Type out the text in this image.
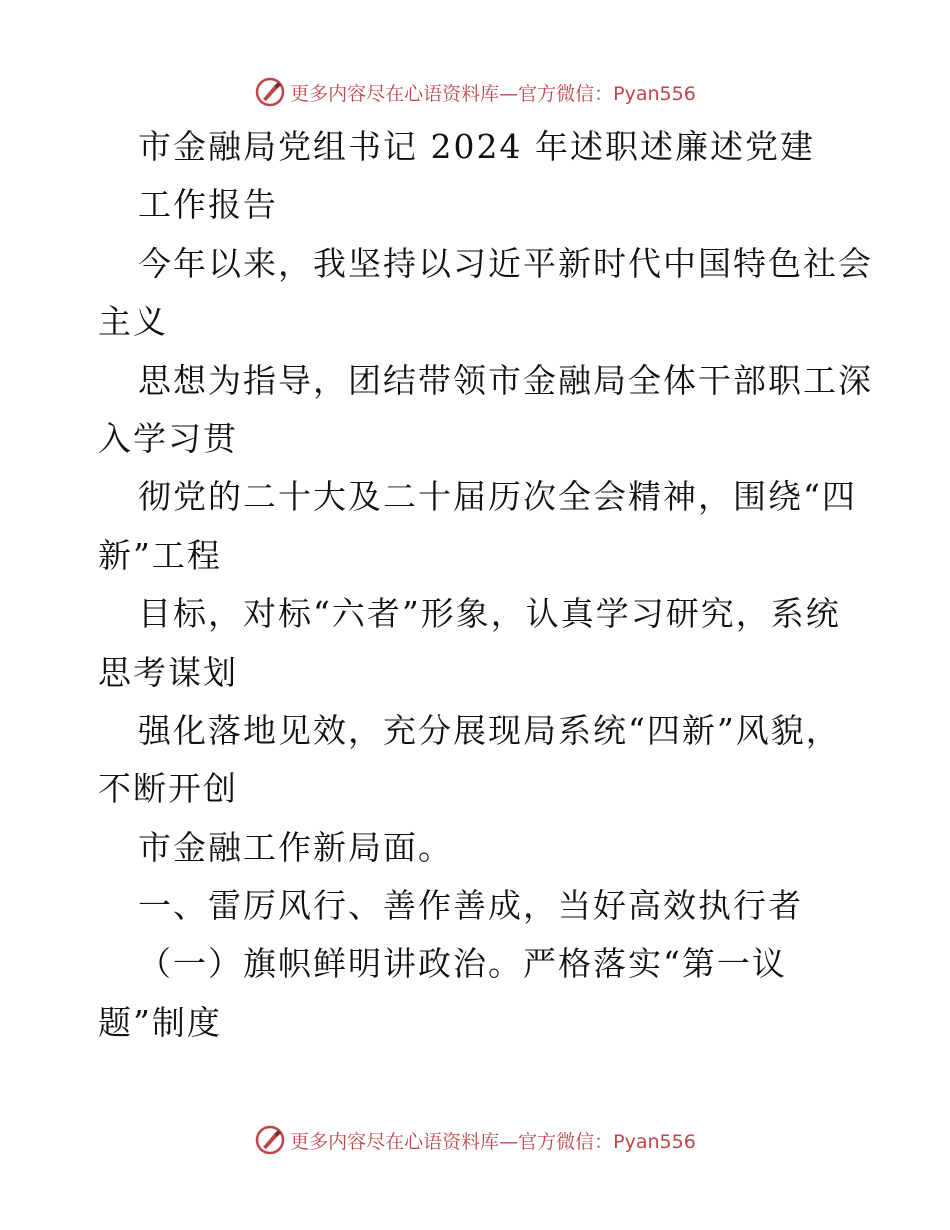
更多内容尽在心语资料库—官方微信：Pyan556
市金融局党组书记 2024 年述职述廉述党建
工作报告
今年以来，我坚持以习近平新时代中国特色社会
主义
思想为指导，团结带领市金融局全体干部职工深
入学习贯
彻党的二十大及二十届历次全会精神，围绕“四
新”工程
目标，对标“六者”形象，认真学习研究，系统
思考谋划
强化落地见效，充分展现局系统“四新”风貌，
不断开创
市金融工作新局面。
一、雷厉风行、善作善成，当好高效执行者
（一）旗帜鲜明讲政治。严格落实“第一议
题”制度
更多内容尽在心语资料库—官方微信：Pyan556
